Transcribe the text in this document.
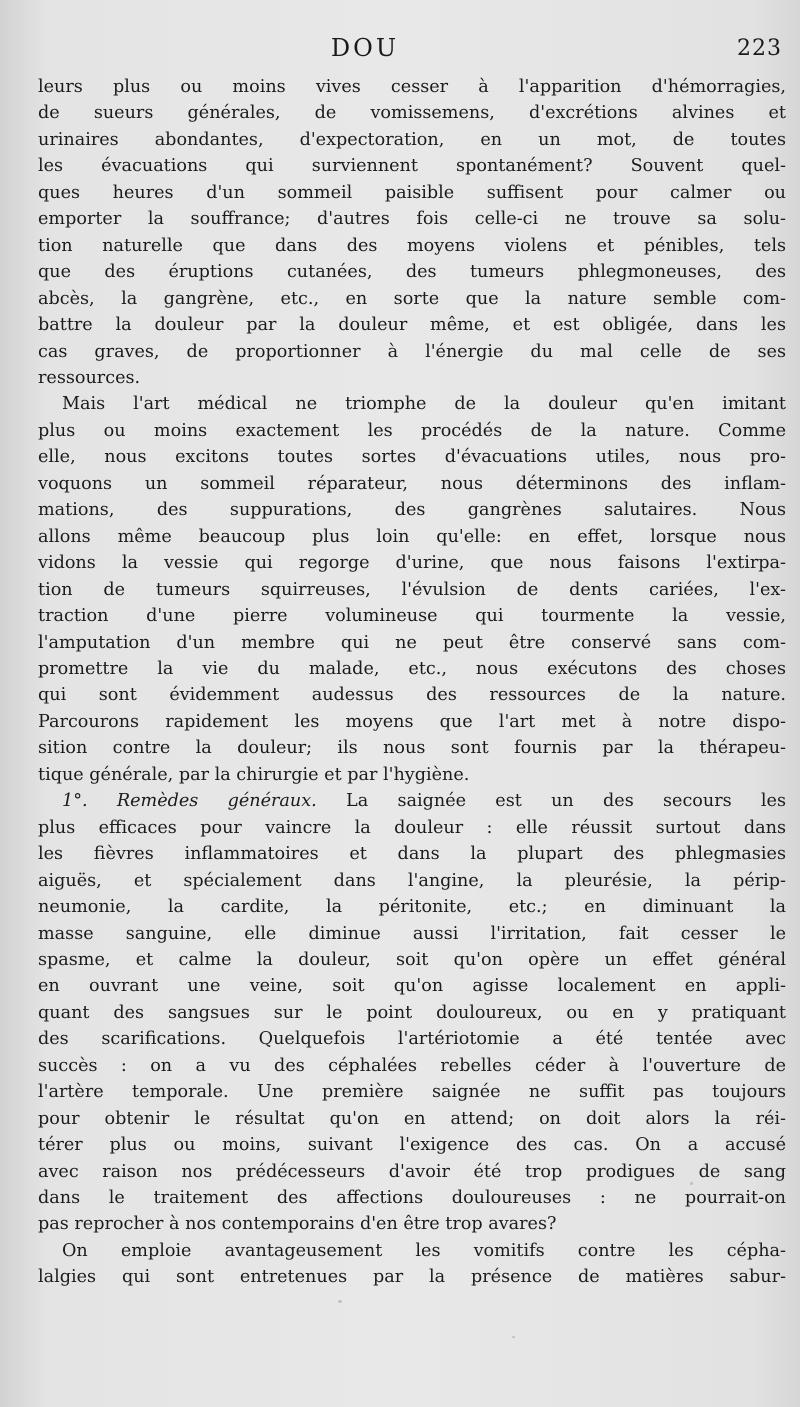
DOU	223

leurs plus ou moins vives cesser à l'apparition d'hémorragies,
de sueurs générales, de vomissemens, d'excrétions alvines et
urinaires abondantes, d'expectoration, en un mot, de toutes
les évacuations qui surviennent spontanément? Souvent quel-
ques heures d'un sommeil paisible suffisent pour calmer ou
emporter la souffrance; d'autres fois celle-ci ne trouve sa solu-
tion naturelle que dans des moyens violens et pénibles, tels
que des éruptions cutanées, des tumeurs phlegmoneuses, des
abcès, la gangrène, etc., en sorte que la nature semble com-
battre la douleur par la douleur même, et est obligée, dans les
cas graves, de proportionner à l'énergie du mal celle de ses
ressources.

Mais l'art médical ne triomphe de la douleur qu'en imitant
plus ou moins exactement les procédés de la nature. Comme
elle, nous excitons toutes sortes d'évacuations utiles, nous pro-
voquons un sommeil réparateur, nous déterminons des inflam-
mations, des suppurations, des gangrènes salutaires. Nous
allons même beaucoup plus loin qu'elle: en effet, lorsque nous
vidons la vessie qui regorge d'urine, que nous faisons l'extirpa-
tion de tumeurs squirreuses, l'évulsion de dents cariées, l'ex-
traction d'une pierre volumineuse qui tourmente la vessie,
l'amputation d'un membre qui ne peut être conservé sans com-
promettre la vie du malade, etc., nous exécutons des choses
qui sont évidemment audessus des ressources de la nature.
Parcourons rapidement les moyens que l'art met à notre dispo-
sition contre la douleur; ils nous sont fournis par la thérapeu-
tique générale, par la chirurgie et par l'hygiène.

1°. Remèdes généraux. La saignée est un des secours les
plus efficaces pour vaincre la douleur : elle réussit surtout dans
les fièvres inflammatoires et dans la plupart des phlegmasies
aiguës, et spécialement dans l'angine, la pleurésie, la périp-
neumonie, la cardite, la péritonite, etc.; en diminuant la
masse sanguine, elle diminue aussi l'irritation, fait cesser le
spasme, et calme la douleur, soit qu'on opère un effet général
en ouvrant une veine, soit qu'on agisse localement en appli-
quant des sangsues sur le point douloureux, ou en y pratiquant
des scarifications. Quelquefois l'artériotomie a été tentée avec
succès : on a vu des céphalées rebelles céder à l'ouverture de
l'artère temporale. Une première saignée ne suffit pas toujours
pour obtenir le résultat qu'on en attend; on doit alors la réi-
térer plus ou moins, suivant l'exigence des cas. On a accusé
avec raison nos prédécesseurs d'avoir été trop prodigues de sang
dans le traitement des affections douloureuses : ne pourrait-on
pas reprocher à nos contemporains d'en être trop avares?

On emploie avantageusement les vomitifs contre les cépha-
lalgies qui sont entretenues par la présence de matières sabur-
